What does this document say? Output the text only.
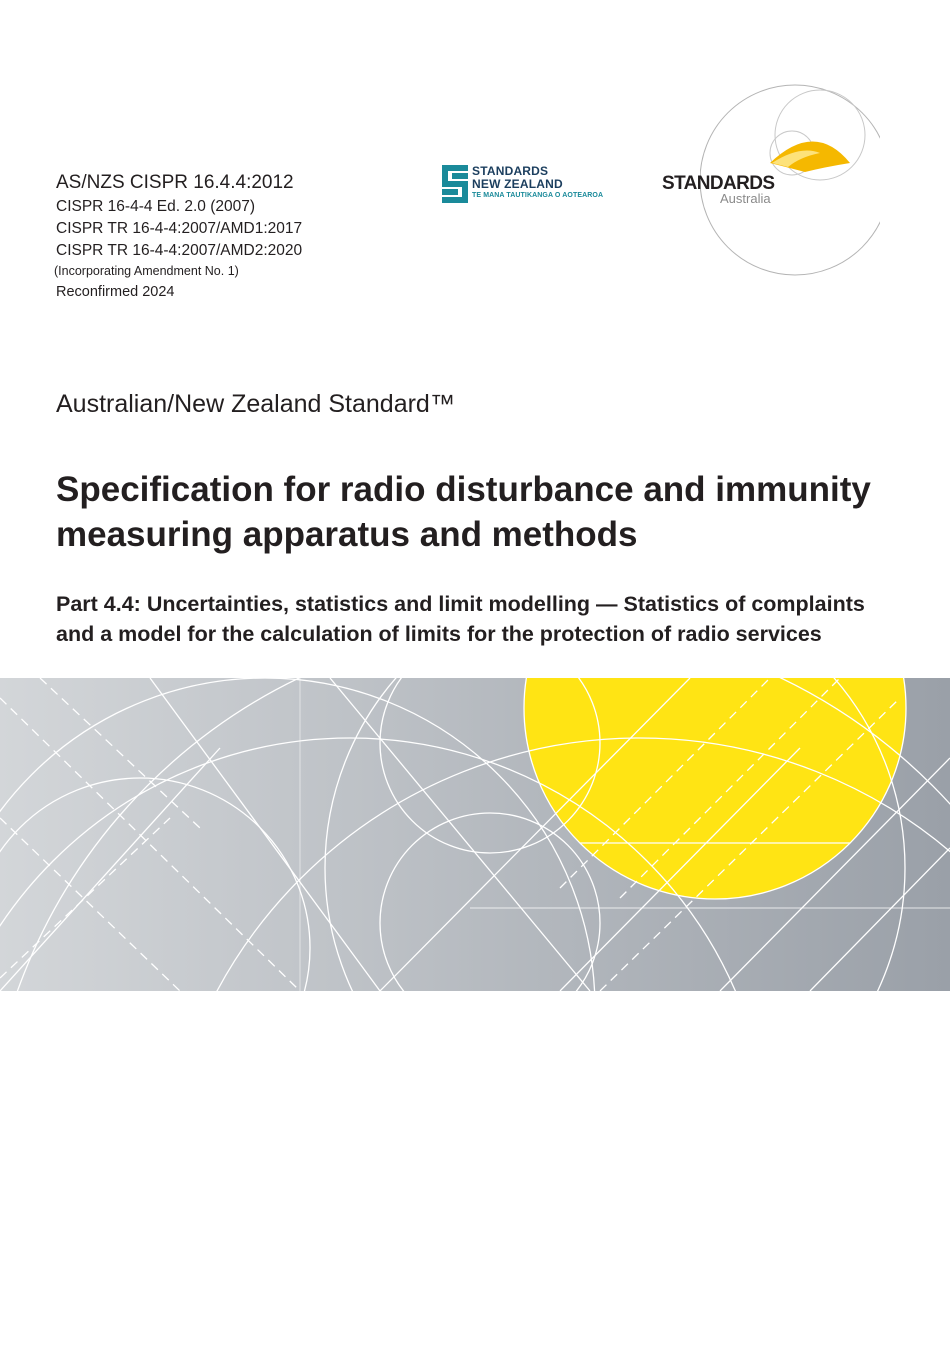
AS/NZS CISPR 16.4.4:2012
CISPR 16-4-4 Ed. 2.0 (2007)
CISPR TR 16-4-4:2007/AMD1:2017
CISPR TR 16-4-4:2007/AMD2:2020
(Incorporating Amendment No. 1)
Reconfirmed 2024
STANDARDS
NEW ZEALAND
TE MANA TAUTIKANGA O AOTEAROA
STANDARDS
Australia
Australian/New Zealand Standard™
Specification for radio disturbance and immunity measuring apparatus and methods
Part 4.4: Uncertainties, statistics and limit modelling — Statistics of complaints and a model for the calculation of limits for the protection of radio services
